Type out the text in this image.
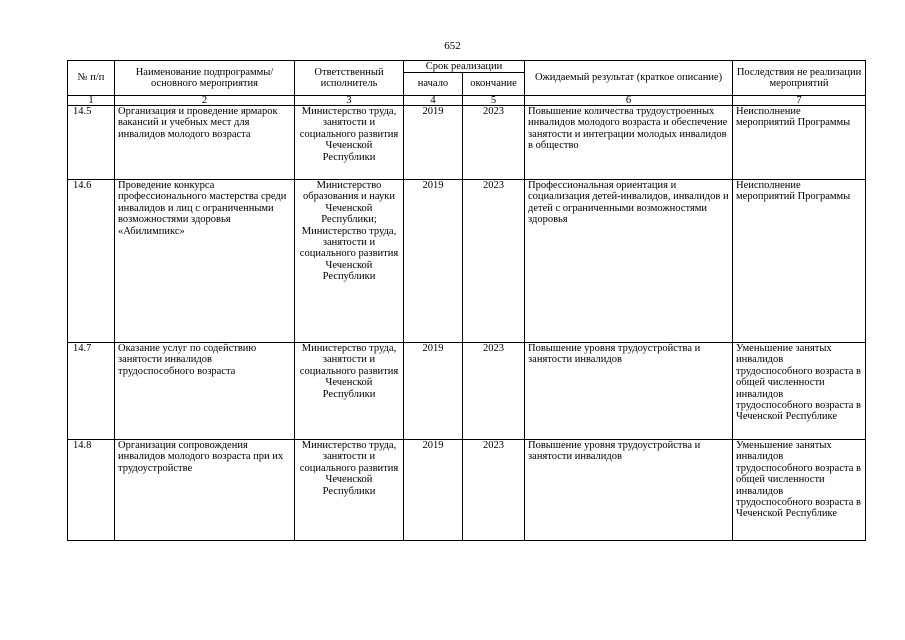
652
№ п/п	Наименование подпрограммы/ основного мероприятия	Ответственный исполнитель	Срок реализации		Ожидаемый результат (краткое описание)	Последствия не реализации мероприятий
			начало	окончание		
1	2	3	4	5	6	7
14.5	Организация и проведение ярмарок вакансий и учебных мест для инвалидов молодого возраста	Министерство труда, занятости и социального развития Чеченской Республики	2019	2023	Повышение количества трудоустроенных инвалидов молодого возраста и обеспечение занятости и интеграции молодых инвалидов в общество	Неисполнение мероприятий Программы
14.6	Проведение конкурса профессионального мастерства среди инвалидов и лиц с ограниченными возможностями здоровья «Абилимпикс»	Министерство образования и науки Чеченской Республики; Министерство труда, занятости и социального развития Чеченской Республики	2019	2023	Профессиональная ориентация и социализация детей-инвалидов, инвалидов и детей с ограниченными возможностями здоровья	Неисполнение мероприятий Программы
14.7	Оказание услуг по содействию занятости инвалидов трудоспособного возраста	Министерство труда, занятости и социального развития Чеченской Республики	2019	2023	Повышение уровня трудоустройства и занятости инвалидов	Уменьшение занятых инвалидов трудоспособного возраста в общей численности инвалидов трудоспособного возраста в Чеченской Республике
14.8	Организация сопровождения инвалидов молодого возраста при их трудоустройстве	Министерство труда, занятости и социального развития Чеченской Республики	2019	2023	Повышение уровня трудоустройства и занятости инвалидов	Уменьшение занятых инвалидов трудоспособного возраста в общей численности инвалидов трудоспособного возраста в Чеченской Республике
